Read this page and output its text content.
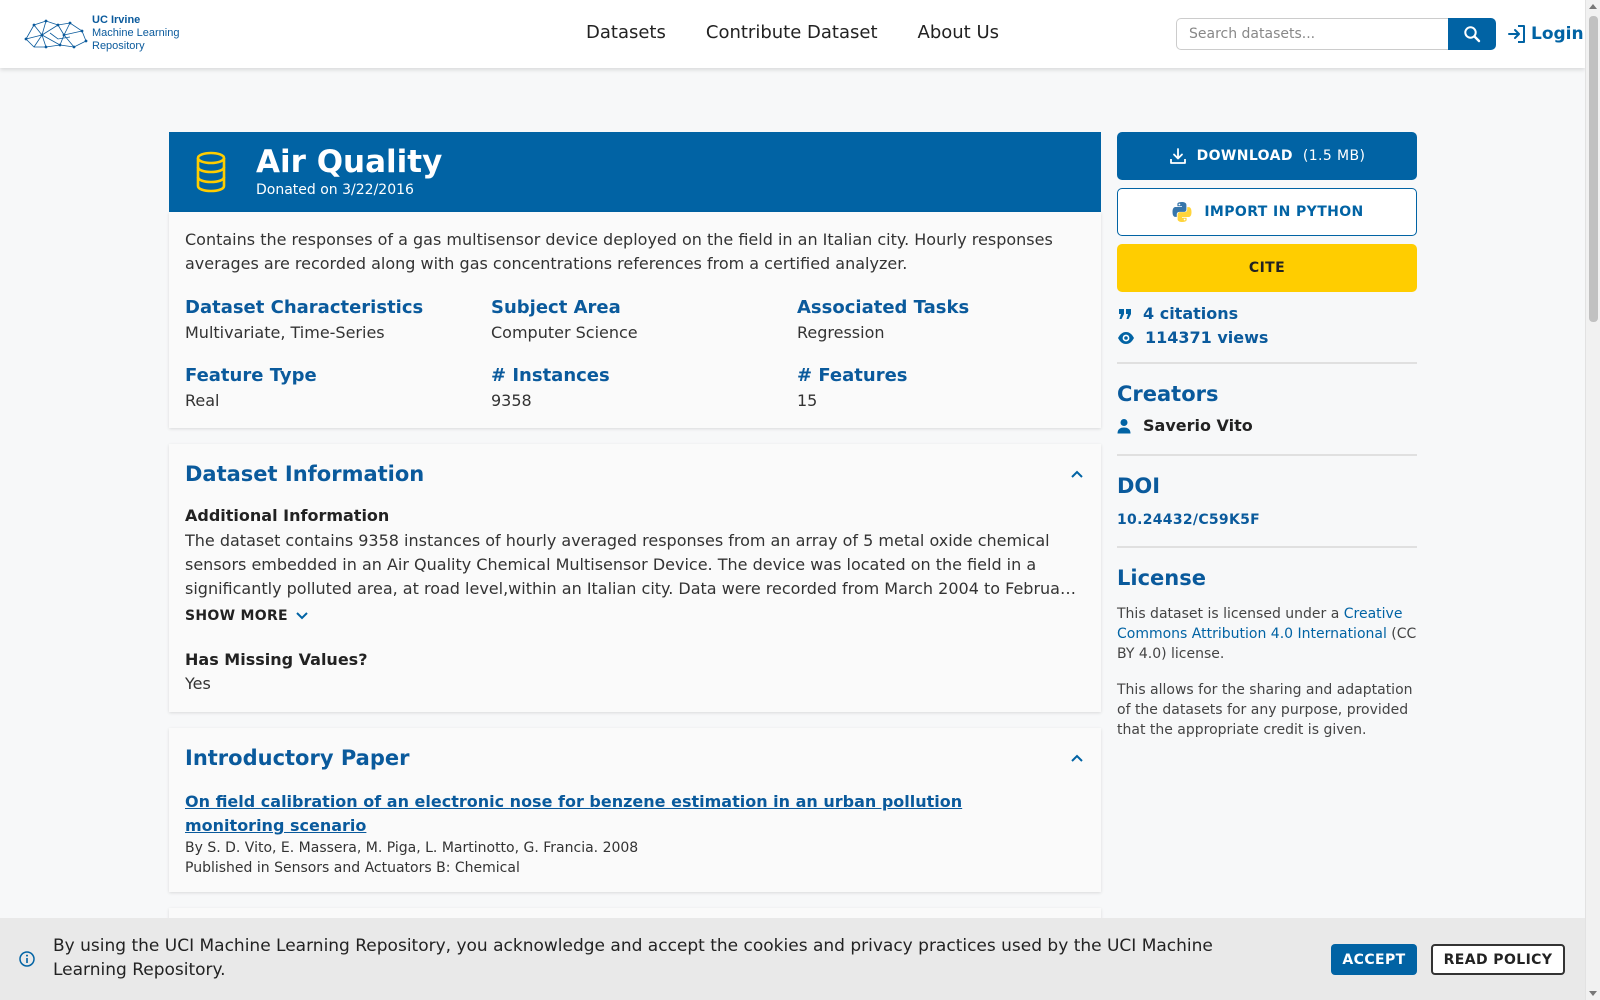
UC Irvine
Machine Learning
Repository
Datasets Contribute Dataset About Us
Search datasets...	Login
Air Quality
Donated on 3/22/2016
Contains the responses of a gas multisensor device deployed on the field in an Italian city. Hourly responses averages are recorded along with gas concentrations references from a certified analyzer.
Dataset Characteristics
Multivariate, Time-Series
Subject Area
Computer Science
Associated Tasks
Regression
Feature Type
Real
# Instances
9358
# Features
15
Dataset Information
Additional Information
The dataset contains 9358 instances of hourly averaged responses from an array of 5 metal oxide chemical sensors embedded in an Air Quality Chemical Multisensor Device. The device was located on the field in a significantly polluted area, at road level,within an Italian city. Data were recorded from March 2004 to Februa…
SHOW MORE
Has Missing Values?
Yes
Introductory Paper
On field calibration of an electronic nose for benzene estimation in an urban pollution monitoring scenario
By S. D. Vito, E. Massera, M. Piga, L. Martinotto, G. Francia. 2008
Published in Sensors and Actuators B: Chemical
DOWNLOAD (1.5 MB)
IMPORT IN PYTHON
CITE
4 citations
114371 views
Creators
Saverio Vito
DOI
10.24432/C59K5F
License
This dataset is licensed under a Creative Commons Attribution 4.0 International (CC BY 4.0) license.
This allows for the sharing and adaptation of the datasets for any purpose, provided that the appropriate credit is given.
By using the UCI Machine Learning Repository, you acknowledge and accept the cookies and privacy practices used by the UCI Machine Learning Repository.
ACCEPT	READ POLICY
